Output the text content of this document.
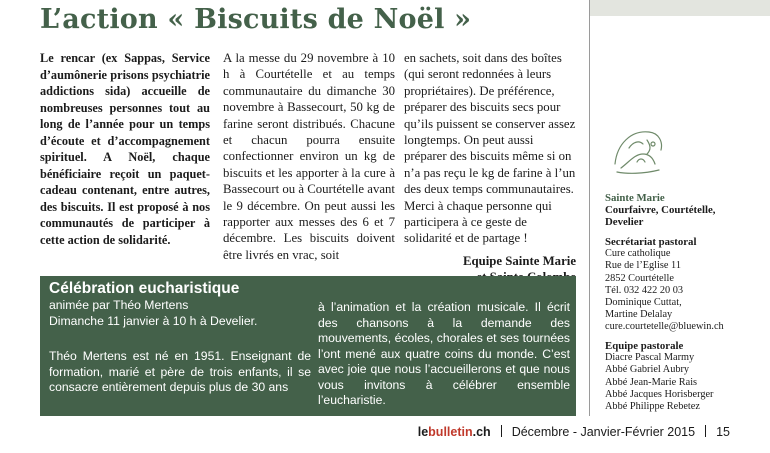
L’action « Biscuits de Noël »

Le rencar (ex Sappas, Service d’aumônerie prisons psychiatrie addictions sida) accueille de nombreuses personnes tout au long de l’année pour un temps d’écoute et d’accompagnement spirituel. A Noël, chaque bénéficiaire reçoit un paquet-cadeau contenant, entre autres, des biscuits. Il est proposé à nos communautés de participer à cette action de solidarité.

A la messe du 29 novembre à 10 h à Courtételle et au temps communautaire du dimanche 30 novembre à Bassecourt, 50 kg de farine seront distribués. Chacune et chacun pourra ensuite confectionner environ un kg de biscuits et les apporter à la cure à Bassecourt ou à Courtételle avant le 9 décembre. On peut aussi les rapporter aux messes des 6 et 7 décembre. Les biscuits doivent être livrés en vrac, soit

en sachets, soit dans des boîtes (qui seront redonnées à leurs propriétaires). De préférence, préparer des biscuits secs pour qu’ils puissent se conserver assez longtemps. On peut aussi préparer des biscuits même si on n’a pas reçu le kg de farine à l’un des deux temps communautaires. Merci à chaque personne qui participera à ce geste de solidarité et de partage !

Equipe Sainte Marie
Sainte Marie
Courfaivre, Courtételle,
Develier
Secrétariat pastoral
Cure catholique
Rue de l’Eglise 11
2852 Courtételle
Tél. 032 422 20 03
Dominique Cuttat,
Martine Delalay
cure.courtetelle@bluewin.ch
Equipe pastorale
Diacre Pascal Marmy
Abbé Gabriel Aubry
Abbé Jean-Marie Rais
Abbé Jacques Horisberger
Abbé Philippe Rebetez
Célébration eucharistique
animée par Théo Mertens
Dimanche 11 janvier à 10 h à Develier.
Théo Mertens est né en 1951. Enseignant de formation, marié et père de trois enfants, il se consacre entièrement depuis plus de 30 ans
à l’animation et la création musicale. Il écrit des chansons à la demande des mouvements, écoles, chorales et ses tournées l’ont mené aux quatre coins du monde. C’est avec joie que nous l’accueillerons et que nous vous invitons à célébrer ensemble l’eucharistie.
lebulletin.ch Décembre - Janvier-Février 2015 15
